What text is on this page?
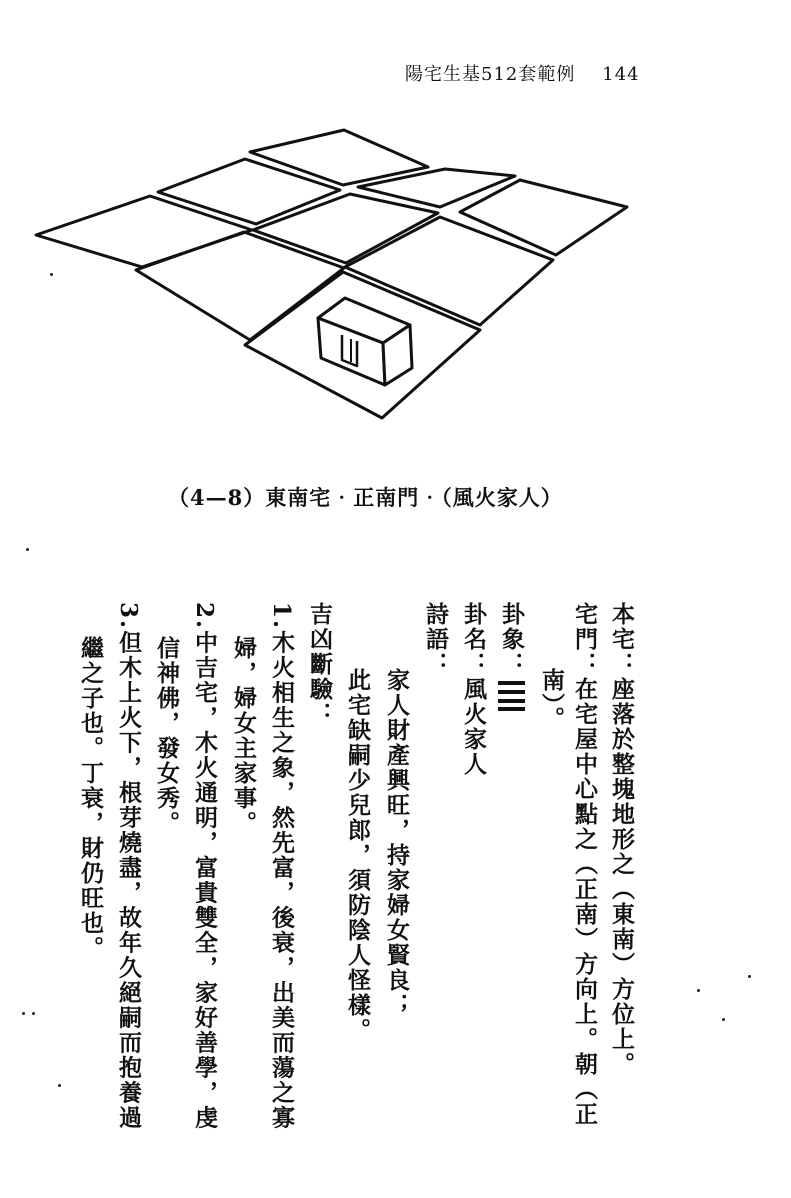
陽宅生基512套範例 144
（4—8）東南宅‧正南門‧（風火家人）
本宅：座落於整塊地形之（東南）方位上。
宅門：在宅屋中心點之（正南）方向上。朝（正
南）。
卦象：
卦名：風火家人
詩語：
家人財產興旺，持家婦女賢良；
此宅缺嗣少兒郎，須防陰人怪樣。
吉凶斷驗：
1.木火相生之象，然先富，後衰，出美而蕩之寡
婦，婦女主家事。
2.中吉宅，木火通明，富貴雙全，家好善學，虔
信神佛，發女秀。
3.但木上火下，根芽燒盡，故年久絕嗣而抱養過
繼之子也。丁衰，財仍旺也。
